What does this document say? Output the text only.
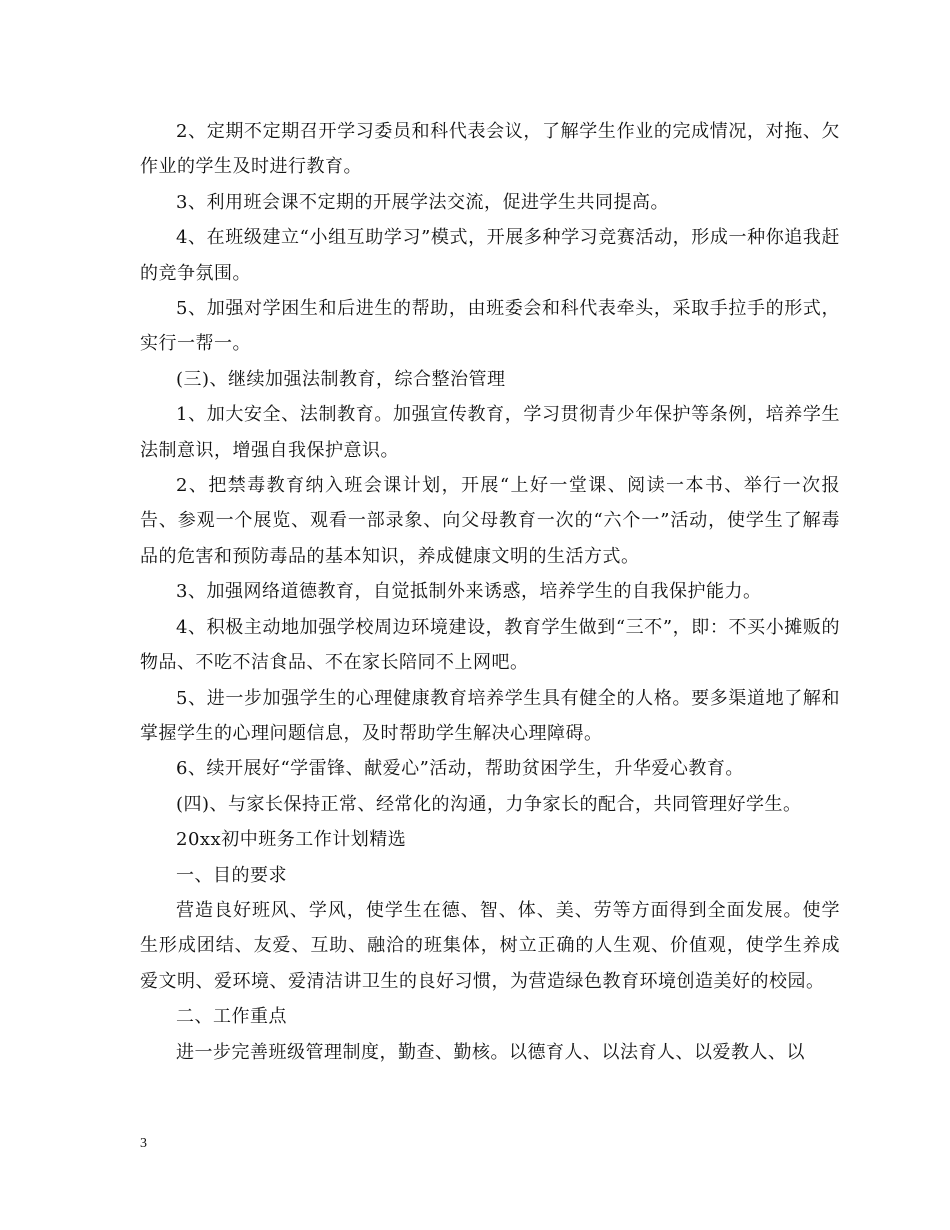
2、定期不定期召开学习委员和科代表会议，了解学生作业的完成情况，对拖、欠作业的学生及时进行教育。

3、利用班会课不定期的开展学法交流，促进学生共同提高。

4、在班级建立“小组互助学习”模式，开展多种学习竞赛活动，形成一种你追我赶的竞争氛围。

5、加强对学困生和后进生的帮助，由班委会和科代表牵头，采取手拉手的形式，实行一帮一。

(三)、继续加强法制教育，综合整治管理

1、加大安全、法制教育。加强宣传教育，学习贯彻青少年保护等条例，培养学生法制意识，增强自我保护意识。

2、把禁毒教育纳入班会课计划，开展“上好一堂课、阅读一本书、举行一次报告、参观一个展览、观看一部录象、向父母教育一次的“六个一”活动，使学生了解毒品的危害和预防毒品的基本知识，养成健康文明的生活方式。

3、加强网络道德教育，自觉抵制外来诱惑，培养学生的自我保护能力。

4、积极主动地加强学校周边环境建设，教育学生做到“三不”，即：不买小摊贩的物品、不吃不洁食品、不在家长陪同不上网吧。

5、进一步加强学生的心理健康教育培养学生具有健全的人格。要多渠道地了解和掌握学生的心理问题信息，及时帮助学生解决心理障碍。

6、续开展好“学雷锋、献爱心”活动，帮助贫困学生，升华爱心教育。

(四)、与家长保持正常、经常化的沟通，力争家长的配合，共同管理好学生。

20xx初中班务工作计划精选

一、目的要求

营造良好班风、学风，使学生在德、智、体、美、劳等方面得到全面发展。使学生形成团结、友爱、互助、融洽的班集体，树立正确的人生观、价值观，使学生养成爱文明、爱环境、爱清洁讲卫生的良好习惯，为营造绿色教育环境创造美好的校园。

二、工作重点

进一步完善班级管理制度，勤查、勤核。以德育人、以法育人、以爱教人、以

3
